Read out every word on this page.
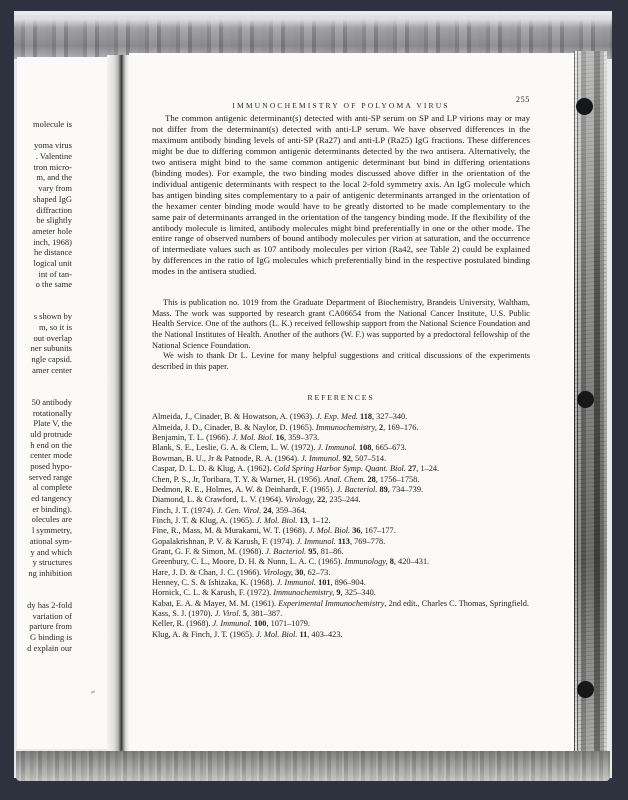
molecule is

yoma virus
. Valentine
tron micro-
m, and the
vary from
shaped IgG
diffraction
be slightly
ameter hole
inch, 1968)
he distance
logical unit
int of tan-
o the same

s shown by
m, so it is
out overlap
ner subunits
ngle capsid.
amer center

50 antibody
rotationally
Plate V, the
uld protrude
h end on the
center mode
posed hypo-
served range
al complete
ed tangency
er binding).
olecules are
l symmetry,
ational sym-
y and which
y structures
ng inhibition

dy has 2-fold
variation of
parture from
G binding is
d explain our
IMMUNOCHEMISTRY OF POLYOMA VIRUS
255

The common antigenic determinant(s) detected with anti-SP serum on SP and LP virions may or may not differ from the determinant(s) detected with anti-LP serum. We have observed differences in the maximum antibody binding levels of anti-SP (Ra27) and anti-LP (Ra25) IgG fractions. These differences might be due to differing common antigenic determinants detected by the two antisera. Alternatively, the two antisera might bind to the same common antigenic determinant but bind in differing orientations (binding modes). For example, the two binding modes discussed above differ in the orientation of the individual antigenic determinants with respect to the local 2-fold symmetry axis. An IgG molecule which has antigen binding sites complementary to a pair of antigenic determinants arranged in the orientation of the hexamer center binding mode would have to be greatly distorted to be made complementary to the same pair of determinants arranged in the orientation of the tangency binding mode. If the flexibility of the antibody molecule is limited, antibody molecules might bind preferentially in one or the other mode. The entire range of observed numbers of bound antibody molecules per virion at saturation, and the occurrence of intermediate values such as 107 antibody molecules per virion (Ra42, see Table 2) could be explained by differences in the ratio of IgG molecules which preferentially bind in the respective postulated binding modes in the antisera studied.

This is publication no. 1019 from the Graduate Department of Biochemistry, Brandeis University, Waltham, Mass. The work was supported by research grant CA06654 from the National Cancer Institute, U.S. Public Health Service. One of the authors (L. K.) received fellowship support from the National Science Foundation and the National Institutes of Health. Another of the authors (W. F.) was supported by a predoctoral fellowship of the National Science Foundation.

We wish to thank Dr L. Levine for many helpful suggestions and critical discussions of the experiments described in this paper.

REFERENCES
Almeida, J., Cinader, B. & Howatson, A. (1963). J. Exp. Med. 118, 327–340.
Almeida, J. D., Cinader, B. & Naylor, D. (1965). Immunochemistry, 2, 169–176.
Benjamin, T. L. (1966). J. Mol. Biol. 16, 359–373.
Blank, S. E., Leslie, G. A. & Clem, L. W. (1972). J. Immunol. 108, 665–673.
Bowman, B. U., Jr & Patnode, R. A. (1964). J. Immunol. 92, 507–514.
Caspar, D. L. D. & Klug, A. (1962). Cold Spring Harbor Symp. Quant. Biol. 27, 1–24.
Chen, P. S., Jr, Toribara, T. Y. & Warner, H. (1956). Anal. Chem. 28, 1756–1758.
Dedmon, R. E., Holmes, A. W. & Deinhardt, F. (1965). J. Bacteriol. 89, 734–739.
Diamond, L. & Crawford, L. V. (1964). Virology, 22, 235–244.
Finch, J. T. (1974). J. Gen. Virol. 24, 359–364.
Finch, J. T. & Klug, A. (1965). J. Mol. Biol. 13, 1–12.
Fine, R., Mass, M. & Murakami, W. T. (1968). J. Mol. Biol. 36, 167–177.
Gopalakrishnan, P. V. & Karush, F. (1974). J. Immunol. 113, 769–778.
Grant, G. F. & Simon, M. (1968). J. Bacteriol. 95, 81–86.
Greenbury, C. L., Moore, D. H. & Nunn, L. A. C. (1965). Immunology, 8, 420–431.
Hare, J. D. & Chan, J. C. (1966). Virology, 30, 62–73.
Henney, C. S. & Ishizaka, K. (1968). J. Immunol. 101, 896–904.
Hornick, C. L. & Karush, F. (1972). Immunochemistry, 9, 325–340.
Kabat, E. A. & Mayer, M. M. (1961). Experimental Immunochemistry, 2nd edit., Charles C. Thomas, Springfield.
Kass, S. J. (1970). J. Virol. 5, 381–387.
Keller, R. (1968). J. Immunol. 100, 1071–1079.
Klug, A. & Finch, J. T. (1965). J. Mol. Biol. 11, 403–423.
